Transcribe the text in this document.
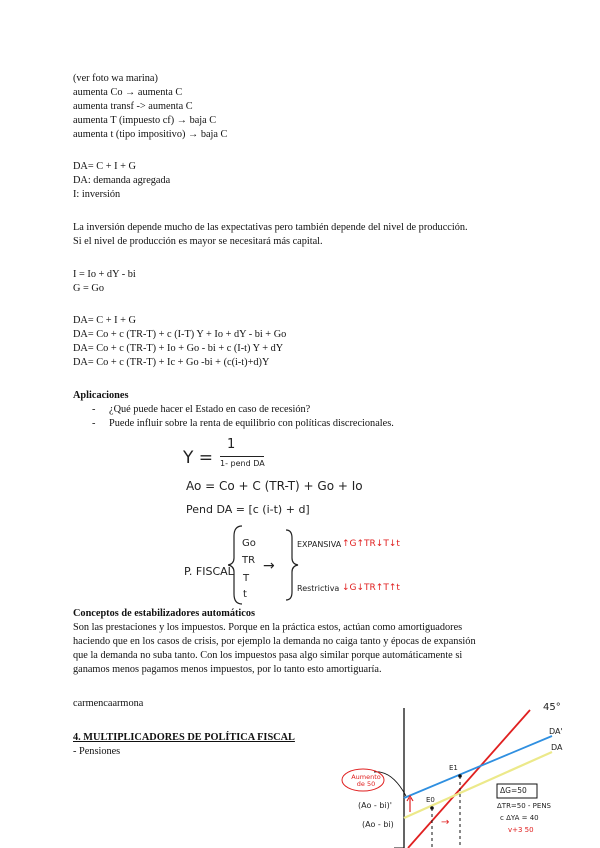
(ver foto wa marina)
aumenta Co → aumenta C
aumenta transf -> aumenta C
aumenta T (impuesto cf) → baja C
aumenta t (tipo impositivo) → baja C
DA= C + I + G
DA: demanda agregada
I: inversión
La inversión depende mucho de las expectativas pero también depende del nivel de producción.
Si el nivel de producción es mayor se necesitará más capital.
I = Io + dY - bi
G = Go
DA= C + I + G
DA= Co + c (TR-T) + c (I-T) Y + Io + dY - bi + Go
DA= Co + c (TR-T) + Io + Go - bi + c (I-t) Y + dY
DA= Co + c (TR-T) + Ic + Go -bi + (c(i-t)+d)Y
Aplicaciones
- ¿Qué puede hacer el Estado en caso de recesión?
- Puede influir sobre la renta de equilibrio con políticas discrecionales.
Y =
1
1- pend DA
Ao = Co + C (TR-T) + Go + Io
Pend DA = [c (i-t) + d]
P. FISCAL
Go
TR
T
t
→
EXPANSIVA ↑G↑TR↓T↓t
Restrictiva ↓G↓TR↑T↑t
Conceptos de estabilizadores automáticos
Son las prestaciones y los impuestos. Porque en la práctica estos, actúan como amortiguadores
haciendo que en los casos de crisis, por ejemplo la demanda no caiga tanto y épocas de expansión
que la demanda no suba tanto. Con los impuestos pasa algo similar porque automáticamente si
ganamos menos pagamos menos impuestos, por lo tanto esto amortiguaría.
carmencaarmona
4. MULTIPLICADORES DE POLÍTICA FISCAL
- Pensiones
45°
DA'
DA
E1
E0
Aumento de 50
(Ao - bi)'
(Ao - bi)	→
ΔG=50
ΔTR=50 - PENS
c ΔYA = 40
v+3 50
